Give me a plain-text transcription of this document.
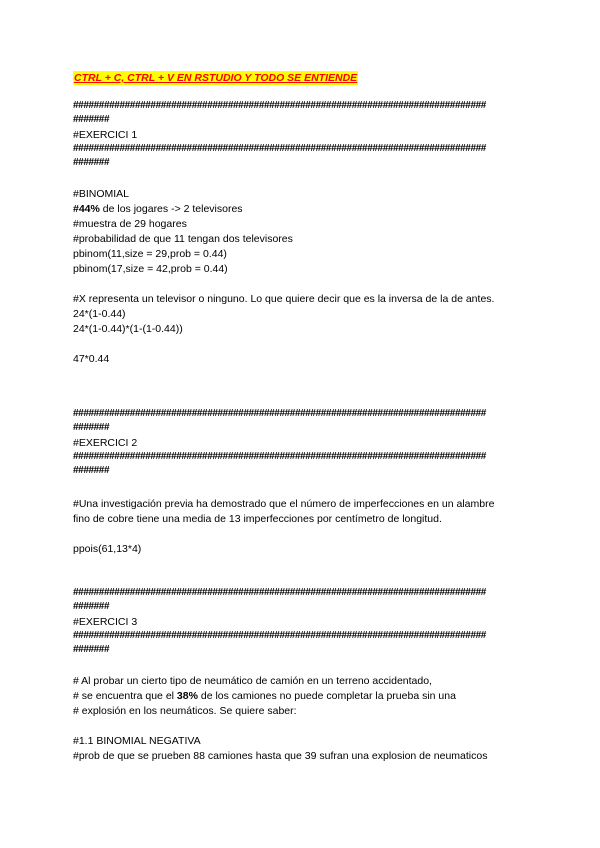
CTRL + C, CTRL + V EN RSTUDIO Y TODO SE ENTIENDE
################################################################################
#######
#EXERCICI 1
################################################################################
#######
#BINOMIAL
#44% de los jogares -> 2 televisores
#muestra de 29 hogares
#probabilidad de que 11 tengan dos televisores
pbinom(11,size = 29,prob = 0.44)
pbinom(17,size = 42,prob = 0.44)
#X representa un televisor o ninguno. Lo que quiere decir que es la inversa de la de antes.
24*(1-0.44)
24*(1-0.44)*(1-(1-0.44))
47*0.44
################################################################################
#######
#EXERCICI 2
################################################################################
#######
#Una investigación previa ha demostrado que el número de imperfecciones en un alambre
fino de cobre tiene una media de 13 imperfecciones por centímetro de longitud.
ppois(61,13*4)
################################################################################
#######
#EXERCICI 3
################################################################################
#######
# Al probar un cierto tipo de neumático de camión en un terreno accidentado,
# se encuentra que el 38% de los camiones no puede completar la prueba sin una
# explosión en los neumáticos. Se quiere saber:
#1.1 BINOMIAL NEGATIVA
#prob de que se prueben 88 camiones hasta que 39 sufran una explosion de neumaticos
